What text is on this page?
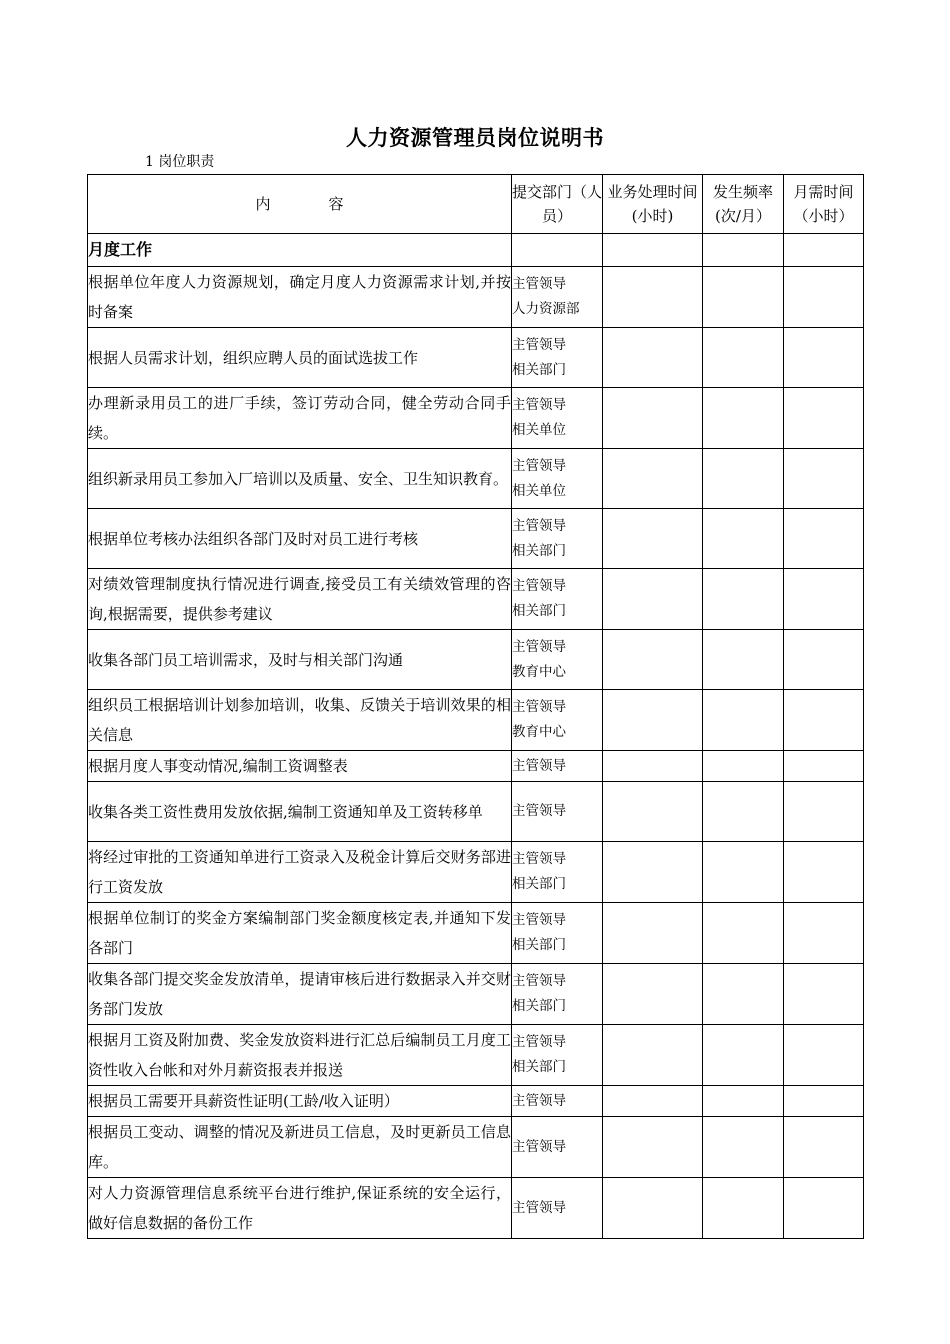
人力资源管理员岗位说明书
1 岗位职责
内 容	提交部门（人员）	业务处理时间(小时)	发生频率(次/月）	月需时间（小时）
月度工作				
根据单位年度人力资源规划，确定月度人力资源需求计划,并按时备案	主管领导
人力资源部			

根据人员需求计划，组织应聘人员的面试选拔工作	主管领导
相关部门			

办理新录用员工的进厂手续，签订劳动合同，健全劳动合同手续。	主管领导
相关单位			

组织新录用员工参加入厂培训以及质量、安全、卫生知识教育。	主管领导
相关单位			

根据单位考核办法组织各部门及时对员工进行考核	主管领导
相关部门			

对绩效管理制度执行情况进行调查,接受员工有关绩效管理的咨询,根据需要，提供参考建议	主管领导
相关部门			

收集各部门员工培训需求，及时与相关部门沟通	主管领导
教育中心			

组织员工根据培训计划参加培训，收集、反馈关于培训效果的相关信息	主管领导
教育中心			

根据月度人事变动情况,编制工资调整表	主管领导			

收集各类工资性费用发放依据,编制工资通知单及工资转移单	主管领导			

将经过审批的工资通知单进行工资录入及税金计算后交财务部进行工资发放	主管领导
相关部门			

根据单位制订的奖金方案编制部门奖金额度核定表,并通知下发各部门	主管领导
相关部门			

收集各部门提交奖金发放清单，提请审核后进行数据录入并交财务部门发放	主管领导
相关部门			

根据月工资及附加费、奖金发放资料进行汇总后编制员工月度工资性收入台帐和对外月薪资报表并报送	主管领导
相关部门			

根据员工需要开具薪资性证明(工龄/收入证明）	主管领导			

根据员工变动、调整的情况及新进员工信息，及时更新员工信息库。	主管领导			

对人力资源管理信息系统平台进行维护,保证系统的安全运行，做好信息数据的备份工作	主管领导			
